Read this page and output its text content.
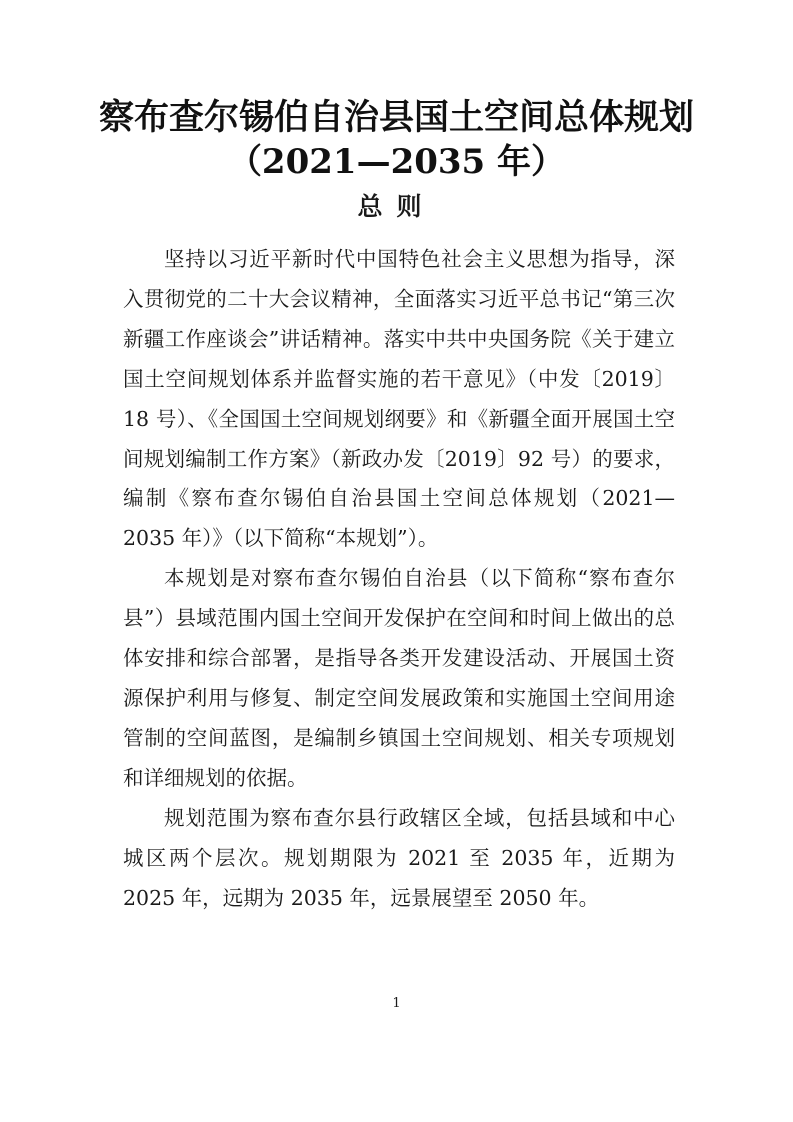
察布查尔锡伯自治县国土空间总体规划
（2021—2035 年）
总则

坚持以习近平新时代中国特色社会主义思想为指导，深入贯彻党的二十大会议精神，全面落实习近平总书记“第三次新疆工作座谈会”讲话精神。落实中共中央国务院《关于建立国土空间规划体系并监督实施的若干意见》（中发〔2019〕18 号）、《全国国土空间规划纲要》和《新疆全面开展国土空间规划编制工作方案》（新政办发〔2019〕92 号）的要求，编制《察布查尔锡伯自治县国土空间总体规划（2021—2035 年）》（以下简称“本规划”）。

本规划是对察布查尔锡伯自治县（以下简称“察布查尔县”）县域范围内国土空间开发保护在空间和时间上做出的总体安排和综合部署，是指导各类开发建设活动、开展国土资源保护利用与修复、制定空间发展政策和实施国土空间用途管制的空间蓝图，是编制乡镇国土空间规划、相关专项规划和详细规划的依据。

规划范围为察布查尔县行政辖区全域，包括县域和中心城区两个层次。规划期限为 2021 至 2035 年，近期为 2025 年，远期为 2035 年，远景展望至 2050 年。

1
